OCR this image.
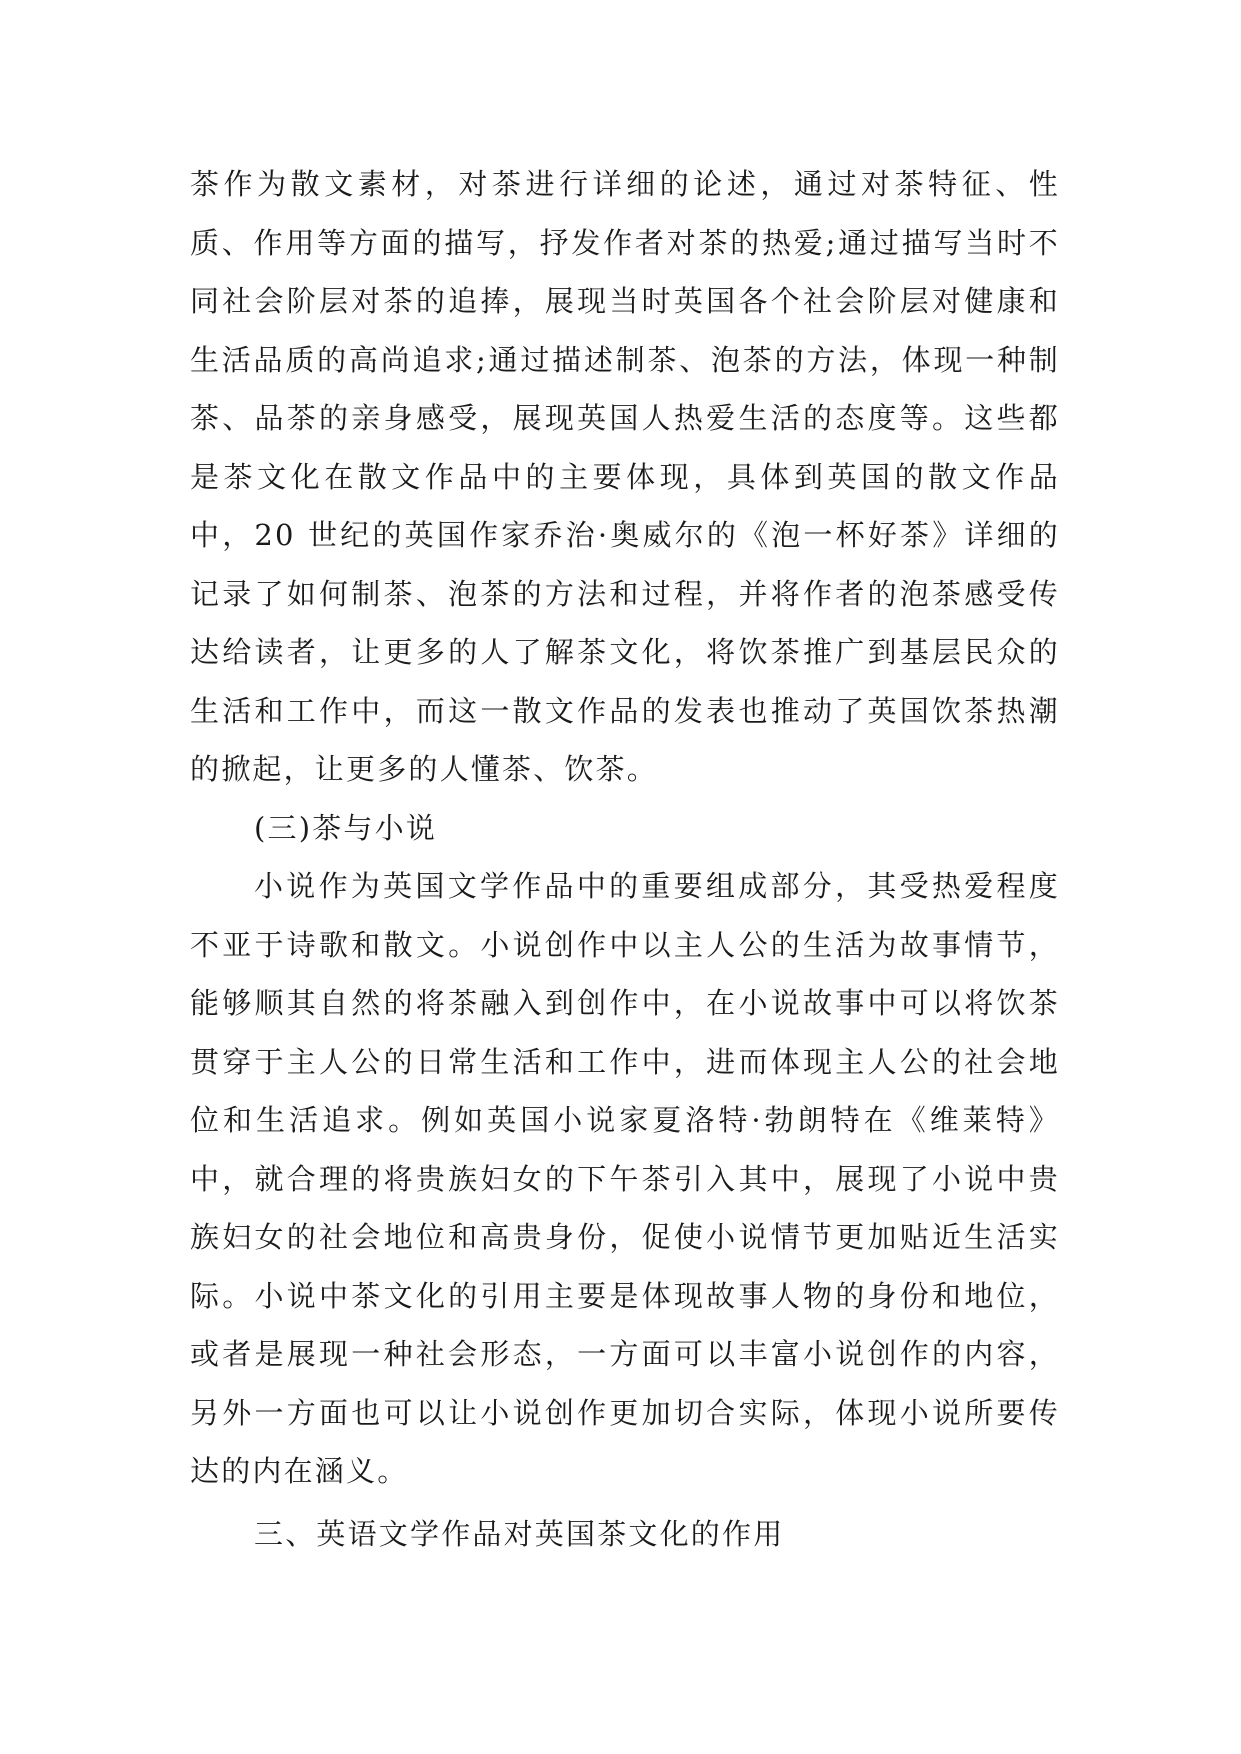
茶作为散文素材，对茶进行详细的论述，通过对茶特征、性质、作用等方面的描写，抒发作者对茶的热爱;通过描写当时不同社会阶层对茶的追捧，展现当时英国各个社会阶层对健康和生活品质的高尚追求;通过描述制茶、泡茶的方法，体现一种制茶、品茶的亲身感受，展现英国人热爱生活的态度等。这些都是茶文化在散文作品中的主要体现，具体到英国的散文作品中，20 世纪的英国作家乔治·奥威尔的《泡一杯好茶》详细的记录了如何制茶、泡茶的方法和过程，并将作者的泡茶感受传达给读者，让更多的人了解茶文化，将饮茶推广到基层民众的生活和工作中，而这一散文作品的发表也推动了英国饮茶热潮的掀起，让更多的人懂茶、饮茶。

(三)茶与小说

小说作为英国文学作品中的重要组成部分，其受热爱程度不亚于诗歌和散文。小说创作中以主人公的生活为故事情节，能够顺其自然的将茶融入到创作中，在小说故事中可以将饮茶贯穿于主人公的日常生活和工作中，进而体现主人公的社会地位和生活追求。例如英国小说家夏洛特·勃朗特在《维莱特》中，就合理的将贵族妇女的下午茶引入其中，展现了小说中贵族妇女的社会地位和高贵身份，促使小说情节更加贴近生活实际。小说中茶文化的引用主要是体现故事人物的身份和地位，或者是展现一种社会形态，一方面可以丰富小说创作的内容，另外一方面也可以让小说创作更加切合实际，体现小说所要传达的内在涵义。

三、英语文学作品对英国茶文化的作用
